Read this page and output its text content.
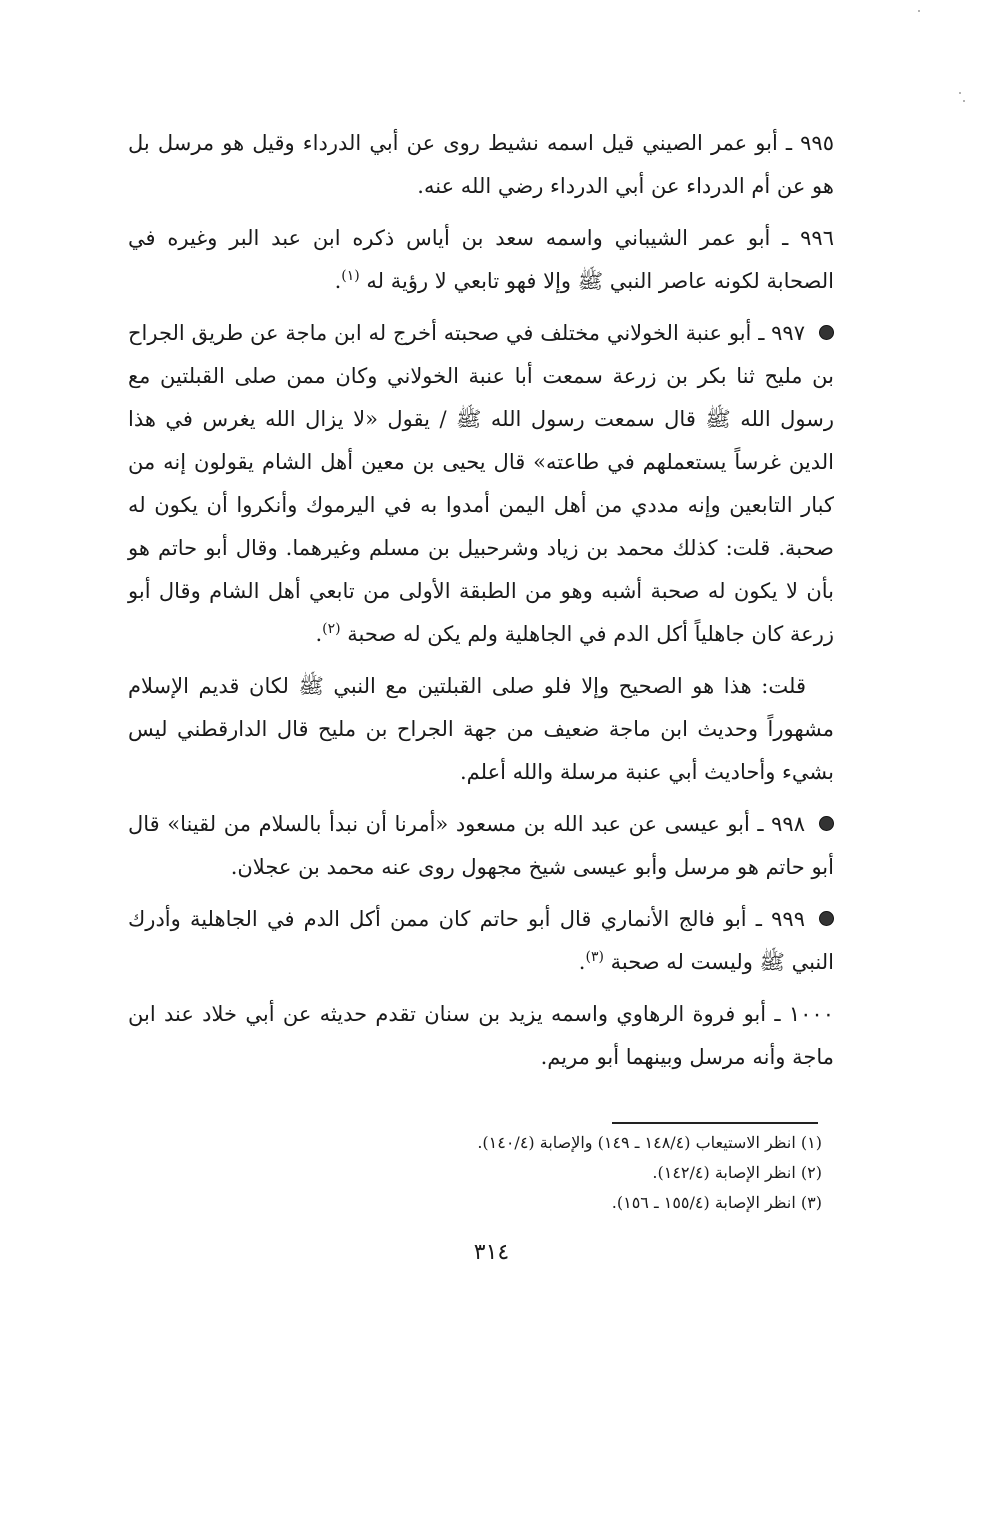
٩٩٥ ـ أبو عمر الصيني قيل اسمه نشيط روى عن أبي الدرداء وقيل هو مرسل بل هو عن أم الدرداء عن أبي الدرداء رضي الله عنه.

٩٩٦ ـ أبو عمر الشيباني واسمه سعد بن أياس ذكره ابن عبد البر وغيره في الصحابة لكونه عاصر النبي ﷺ وإلا فهو تابعي لا رؤية له $^{(١)}$.

٩٩٧ ـ أبو عنبة الخولاني مختلف في صحبته أخرج له ابن ماجة عن طريق الجراح بن مليح ثنا بكر بن زرعة سمعت أبا عنبة الخولاني وكان ممن صلى القبلتين مع رسول الله ﷺ قال سمعت رسول الله ﷺ / يقول «لا يزال الله يغرس في هذا الدين غرساً يستعملهم في طاعته» قال يحيى بن معين أهل الشام يقولون إنه من كبار التابعين وإنه مددي من أهل اليمن أمدوا به في اليرموك وأنكروا أن يكون له صحبة. قلت: كذلك محمد بن زياد وشرحبيل بن مسلم وغيرهما. وقال أبو حاتم هو بأن لا يكون له صحبة أشبه وهو من الطبقة الأولى من تابعي أهل الشام وقال أبو زرعة كان جاهلياً أكل الدم في الجاهلية ولم يكن له صحبة $^{(٢)}$.

قلت: هذا هو الصحيح وإلا فلو صلى القبلتين مع النبي ﷺ لكان قديم الإسلام مشهوراً وحديث ابن ماجة ضعيف من جهة الجراح بن مليح قال الدارقطني ليس بشيء وأحاديث أبي عنبة مرسلة والله أعلم.

٩٩٨ ـ أبو عيسى عن عبد الله بن مسعود «أمرنا أن نبدأ بالسلام من لقينا» قال أبو حاتم هو مرسل وأبو عيسى شيخ مجهول روى عنه محمد بن عجلان.

٩٩٩ ـ أبو فالج الأنماري قال أبو حاتم كان ممن أكل الدم في الجاهلية وأدرك النبي ﷺ وليست له صحبة $^{(٣)}$.

١٠٠٠ ـ أبو فروة الرهاوي واسمه يزيد بن سنان تقدم حديثه عن أبي خلاد عند ابن ماجة وأنه مرسل وبينهما أبو مريم.

(١) انظر الاستيعاب (١٤٨/٤ ـ ١٤٩) والإصابة (١٤٠/٤).
(٢) انظر الإصابة (١٤٢/٤).
(٣) انظر الإصابة (١٥٥/٤ ـ ١٥٦).
٣١٤
